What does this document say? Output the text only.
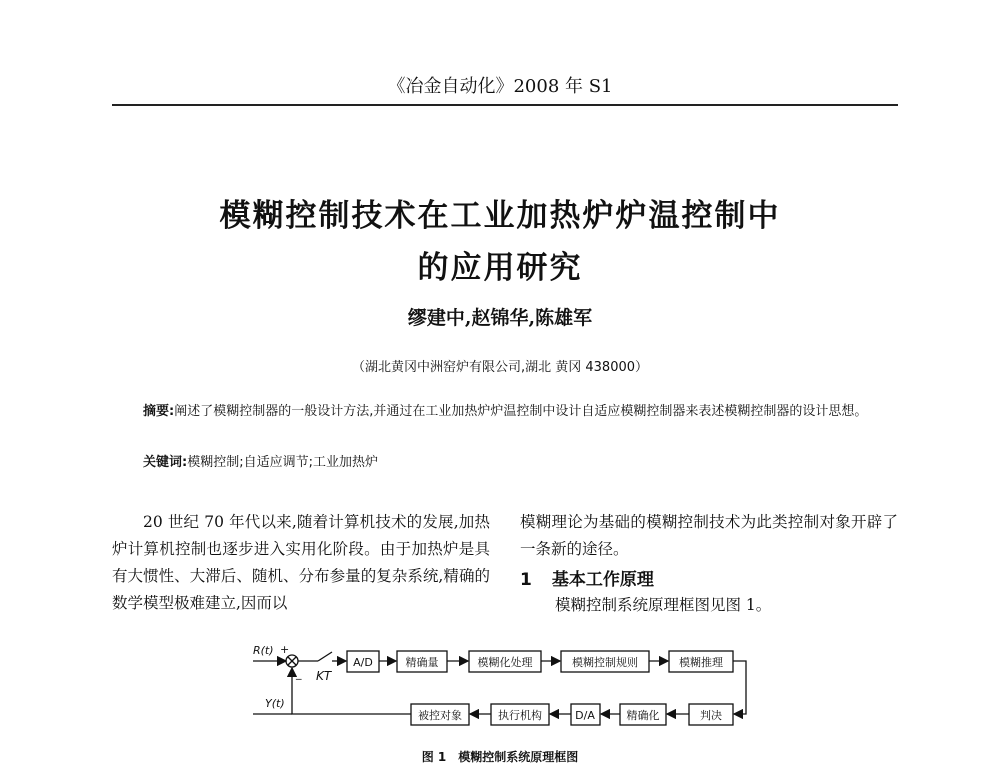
《冶金自动化》2008 年 S1
模糊控制技术在工业加热炉炉温控制中
的应用研究
缪建中,赵锦华,陈雄军
（湖北黄冈中洲窑炉有限公司,湖北 黄冈 438000）
摘要:阐述了模糊控制器的一般设计方法,并通过在工业加热炉炉温控制中设计自适应模糊控制器来表述模糊控制器的设计思想。
关键词:模糊控制;自适应调节;工业加热炉
20 世纪 70 年代以来,随着计算机技术的发展,加热炉计算机控制也逐步进入实用化阶段。由于加热炉是具有大惯性、大滞后、随机、分布参量的复杂系统,精确的数学模型极难建立,因而以
模糊理论为基础的模糊控制技术为此类控制对象开辟了一条新的途径。
1 基本工作原理
模糊控制系统原理框图见图 1。
R(t) +
_ KT
Y(t)
A/D	精确量	模糊化处理	模糊控制规则	模糊推理
被控对象	执行机构	D/A	精确化	判决
图 1　模糊控制系统原理框图
